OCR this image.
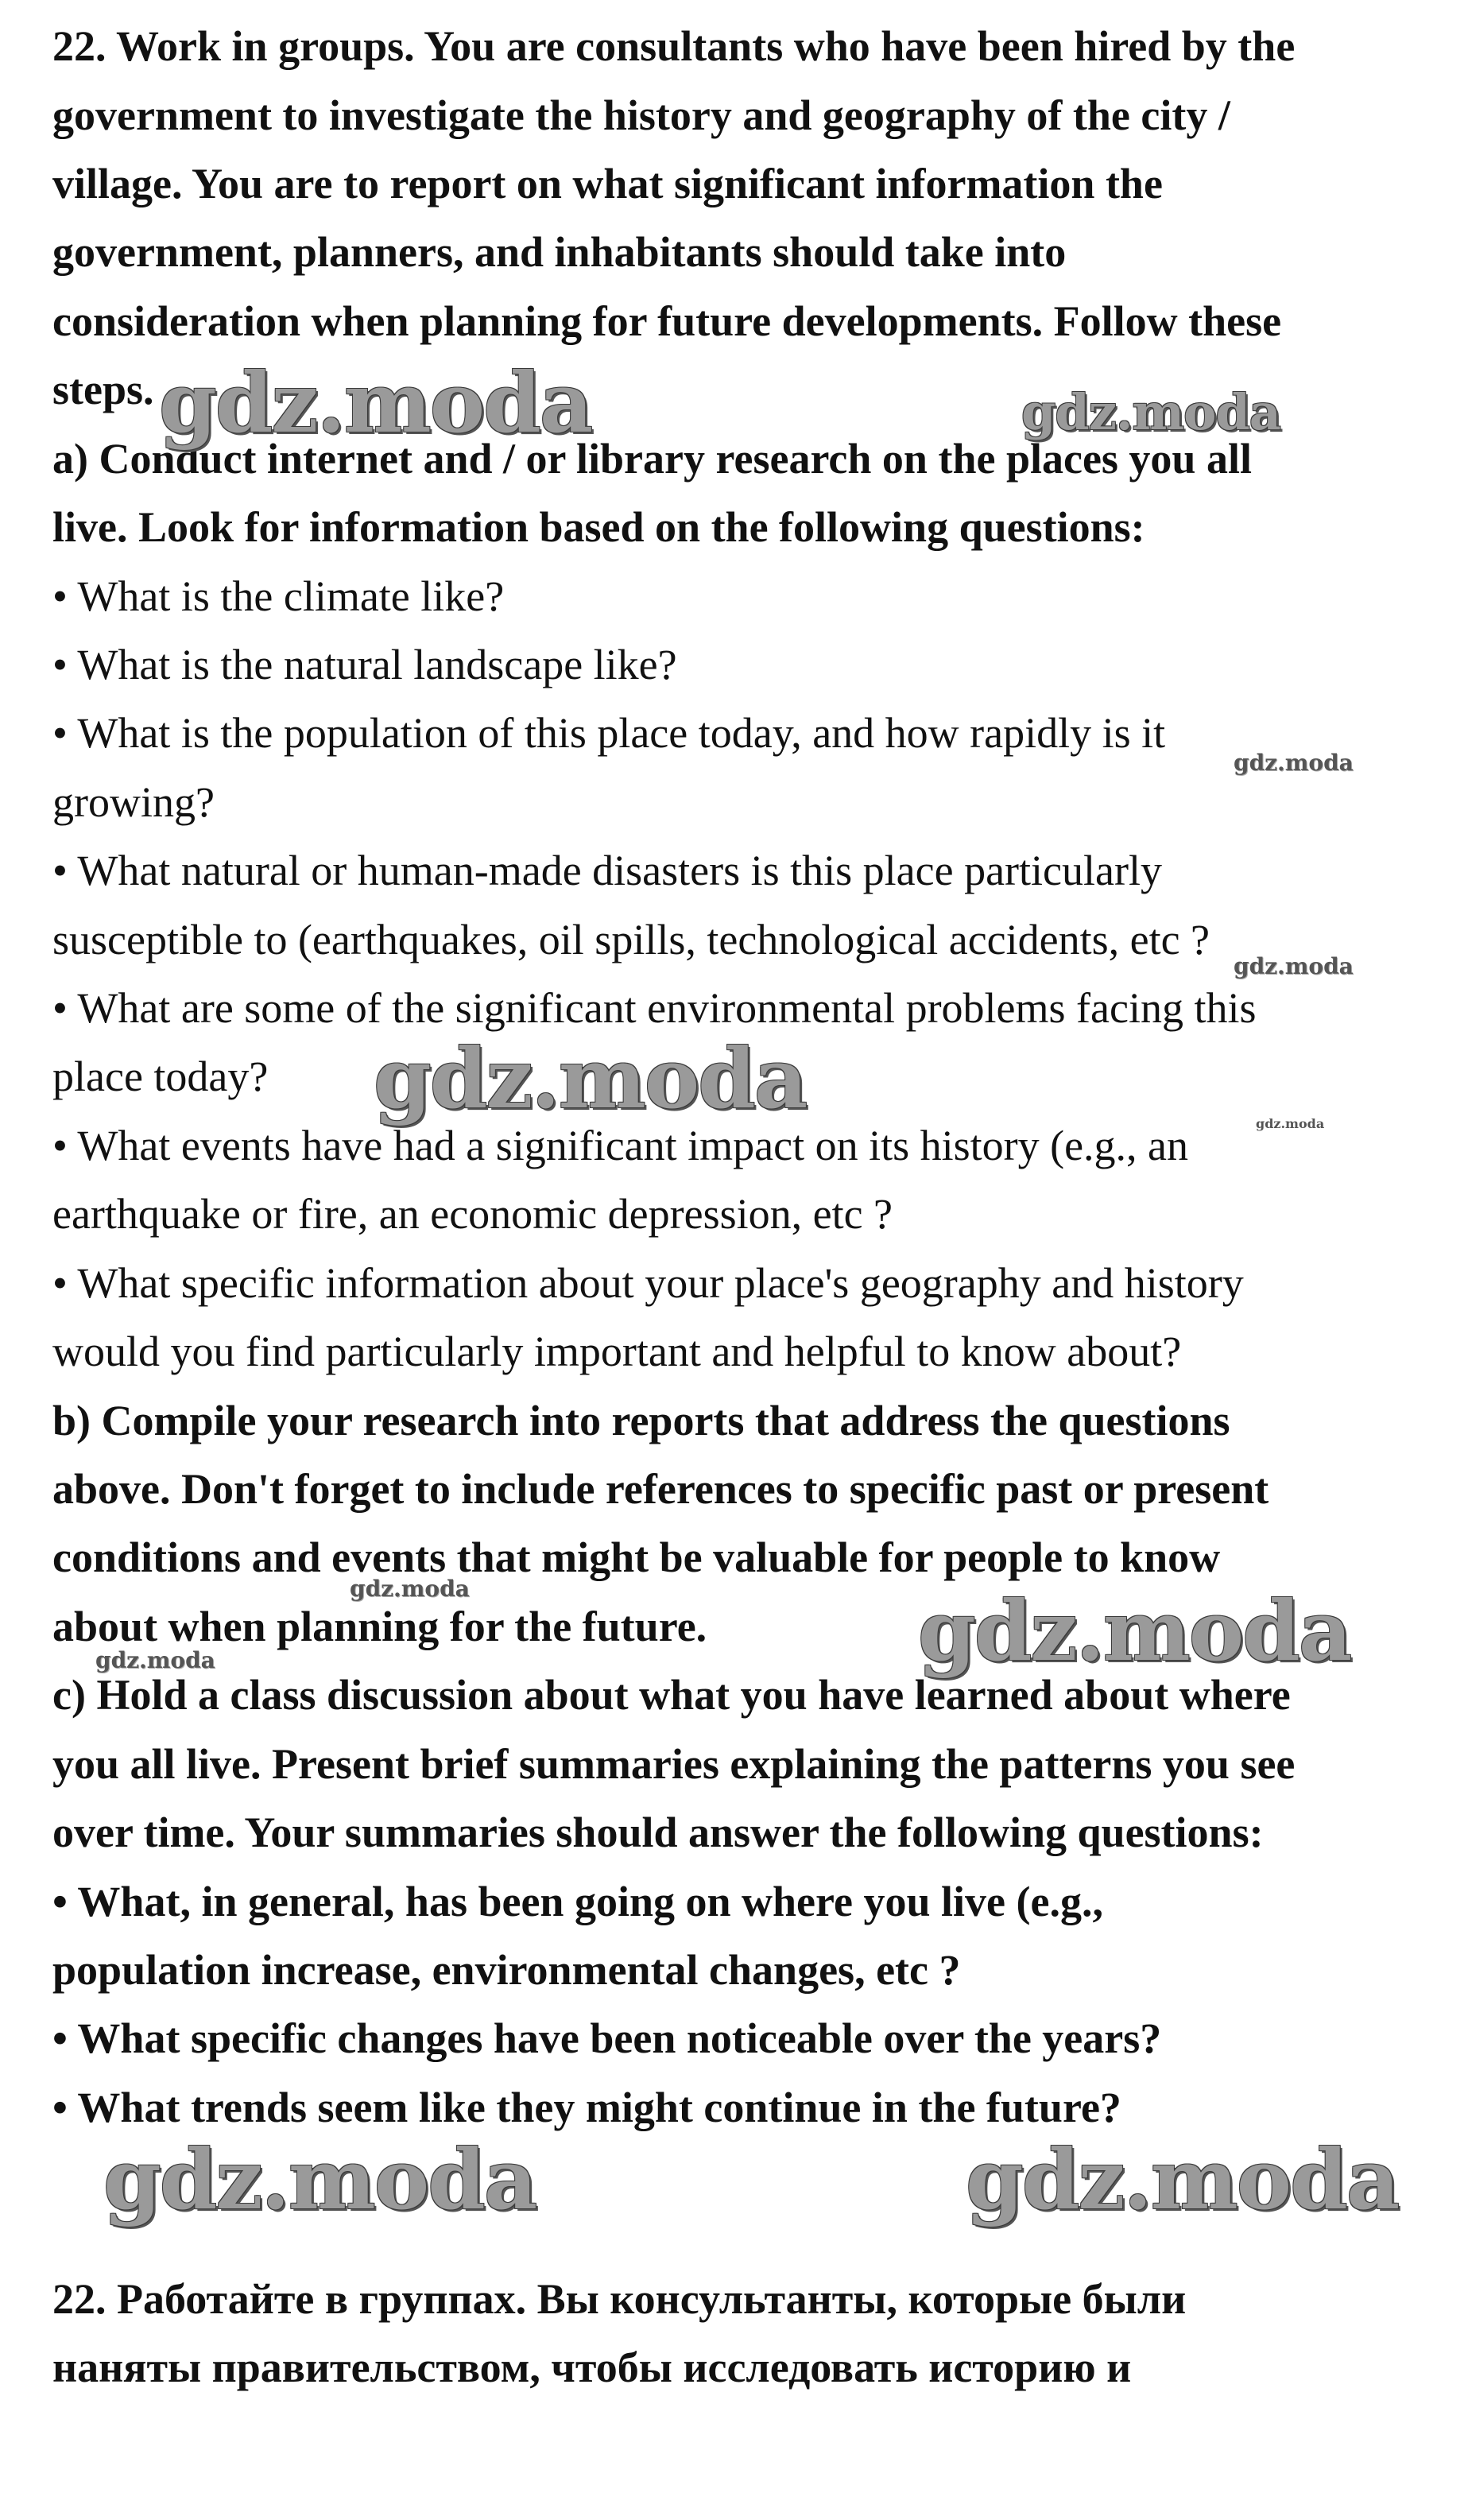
22. Work in groups. You are consultants who have been hired by the
government to investigate the history and geography of the city /
village. You are to report on what significant information the
government, planners, and inhabitants should take into
consideration when planning for future developments. Follow these
steps.
a) Conduct internet and / or library research on the places you all
live. Look for information based on the following questions:
• What is the climate like?
• What is the natural landscape like?
• What is the population of this place today, and how rapidly is it
growing?
• What natural or human-made disasters is this place particularly
susceptible to (earthquakes, oil spills, technological accidents, etc ?
• What are some of the significant environmental problems facing this
place today?
• What events have had a significant impact on its history (e.g., an
earthquake or fire, an economic depression, etc ?
• What specific information about your place's geography and history
would you find particularly important and helpful to know about?
b) Compile your research into reports that address the questions
above. Don't forget to include references to specific past or present
conditions and events that might be valuable for people to know
about when planning for the future.
c) Hold a class discussion about what you have learned about where
you all live. Present brief summaries explaining the patterns you see
over time. Your summaries should answer the following questions:
• What, in general, has been going on where you live (e.g.,
population increase, environmental changes, etc ?
• What specific changes have been noticeable over the years?
• What trends seem like they might continue in the future?
22. Работайте в группах. Вы консультанты, которые были
наняты правительством, чтобы исследовать историю и
gdz.moda	gdz.moda
gdz.moda
gdz.moda
gdz.moda	gdz.moda
gdz.moda
gdz.moda	gdz.moda
gdz.moda	gdz.moda
